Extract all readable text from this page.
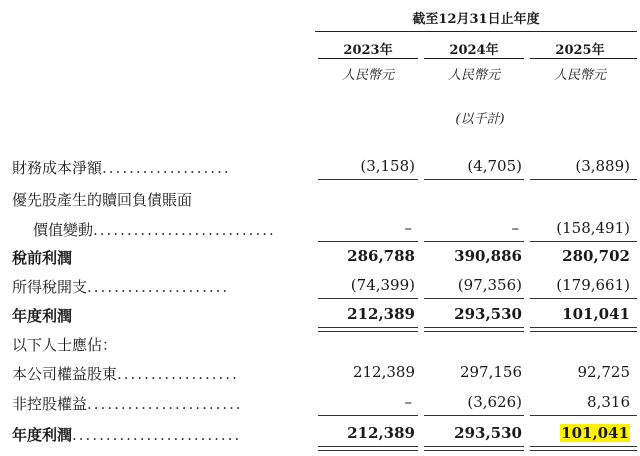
截至12月31日止年度
2023年	2024年	2025年
人民幣元	人民幣元	人民幣元
(以千計)
財務成本淨額...................	(3,158)	(4,705)	(3,889)
優先股產生的贖回負債賬面
價值變動...........................	–	–	(158,491)
稅前利潤	286,788	390,886	280,702
所得稅開支.....................	(74,399)	(97,356)	(179,661)
年度利潤	212,389	293,530	101,041
以下人士應佔：
本公司權益股東..................	212,389	297,156	92,725
非控股權益.......................	–	(3,626)	8,316
年度利潤.........................	212,389	293,530	101,041
